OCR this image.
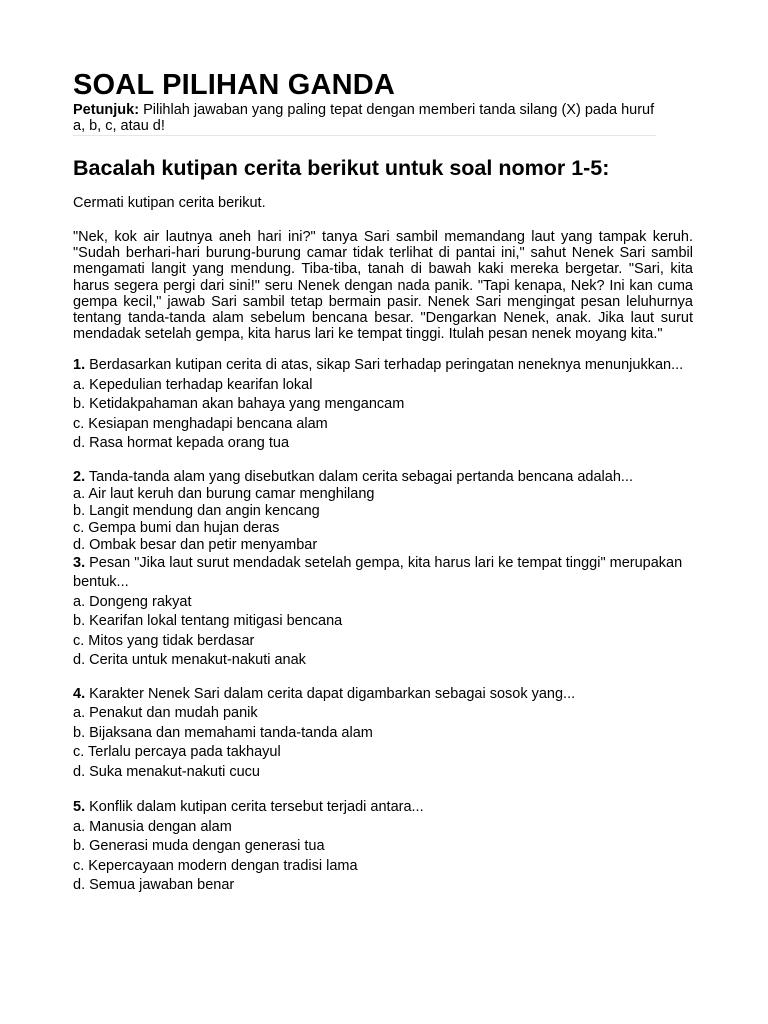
SOAL PILIHAN GANDA

Petunjuk: Pilihlah jawaban yang paling tepat dengan memberi tanda silang (X) pada huruf a, b, c, atau d!

Bacalah kutipan cerita berikut untuk soal nomor 1-5:

Cermati kutipan cerita berikut.

"Nek, kok air lautnya aneh hari ini?" tanya Sari sambil memandang laut yang tampak keruh. "Sudah berhari-hari burung-burung camar tidak terlihat di pantai ini," sahut Nenek Sari sambil mengamati langit yang mendung. Tiba-tiba, tanah di bawah kaki mereka bergetar. "Sari, kita harus segera pergi dari sini!" seru Nenek dengan nada panik. "Tapi kenapa, Nek? Ini kan cuma gempa kecil," jawab Sari sambil tetap bermain pasir. Nenek Sari mengingat pesan leluhurnya tentang tanda-tanda alam sebelum bencana besar. "Dengarkan Nenek, anak. Jika laut surut mendadak setelah gempa, kita harus lari ke tempat tinggi. Itulah pesan nenek moyang kita."

1. Berdasarkan kutipan cerita di atas, sikap Sari terhadap peringatan neneknya menunjukkan...

a. Kepedulian terhadap kearifan lokal

b. Ketidakpahaman akan bahaya yang mengancam

c. Kesiapan menghadapi bencana alam

d. Rasa hormat kepada orang tua

2. Tanda-tanda alam yang disebutkan dalam cerita sebagai pertanda bencana adalah...

a. Air laut keruh dan burung camar menghilang

b. Langit mendung dan angin kencang

c. Gempa bumi dan hujan deras

d. Ombak besar dan petir menyambar

3. Pesan "Jika laut surut mendadak setelah gempa, kita harus lari ke tempat tinggi" merupakan bentuk...

a. Dongeng rakyat

b. Kearifan lokal tentang mitigasi bencana

c. Mitos yang tidak berdasar

d. Cerita untuk menakut-nakuti anak

4. Karakter Nenek Sari dalam cerita dapat digambarkan sebagai sosok yang...

a. Penakut dan mudah panik

b. Bijaksana dan memahami tanda-tanda alam

c. Terlalu percaya pada takhayul

d. Suka menakut-nakuti cucu

5. Konflik dalam kutipan cerita tersebut terjadi antara...

a. Manusia dengan alam

b. Generasi muda dengan generasi tua

c. Kepercayaan modern dengan tradisi lama

d. Semua jawaban benar
